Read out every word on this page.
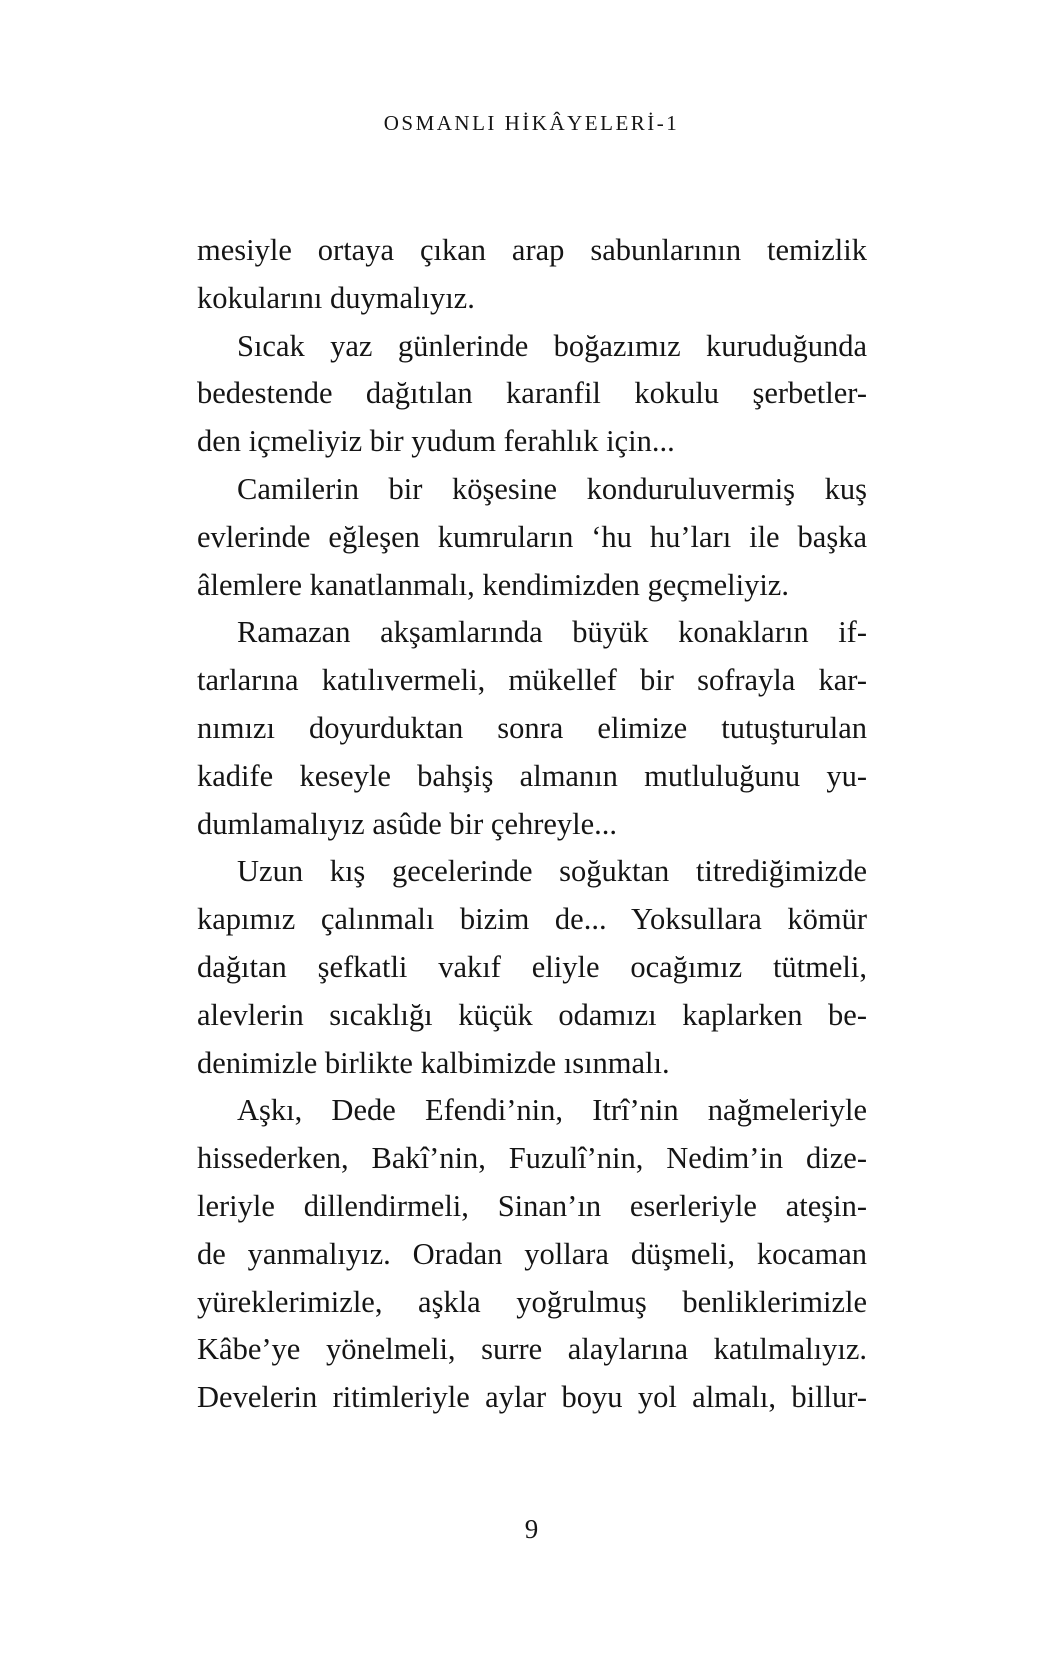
OSMANLI HİKÂYELERİ-1

mesiyle ortaya çıkan arap sabunlarının temizlik

kokularını duymalıyız.

Sıcak yaz günlerinde boğazımız kuruduğunda

bedestende dağıtılan karanfil kokulu şerbetler-

den içmeliyiz bir yudum ferahlık için...

Camilerin bir köşesine konduruluvermiş kuş

evlerinde eğleşen kumruların ‘hu hu’ları ile başka

âlemlere kanatlanmalı, kendimizden geçmeliyiz.

Ramazan akşamlarında büyük konakların if-

tarlarına katılıvermeli, mükellef bir sofrayla kar-

nımızı doyurduktan sonra elimize tutuşturulan

kadife keseyle bahşiş almanın mutluluğunu yu-

dumlamalıyız asûde bir çehreyle...

Uzun kış gecelerinde soğuktan titrediğimizde

kapımız çalınmalı bizim de... Yoksullara kömür

dağıtan şefkatli vakıf eliyle ocağımız tütmeli,

alevlerin sıcaklığı küçük odamızı kaplarken be-

denimizle birlikte kalbimizde ısınmalı.

Aşkı, Dede Efendi’nin, Itrî’nin nağmeleriyle

hissederken, Bakî’nin, Fuzulî’nin, Nedim’in dize-

leriyle dillendirmeli, Sinan’ın eserleriyle ateşin-

de yanmalıyız. Oradan yollara düşmeli, kocaman

yüreklerimizle, aşkla yoğrulmuş benliklerimizle

Kâbe’ye yönelmeli, surre alaylarına katılmalıyız.

Develerin ritimleriyle aylar boyu yol almalı, billur-

9
